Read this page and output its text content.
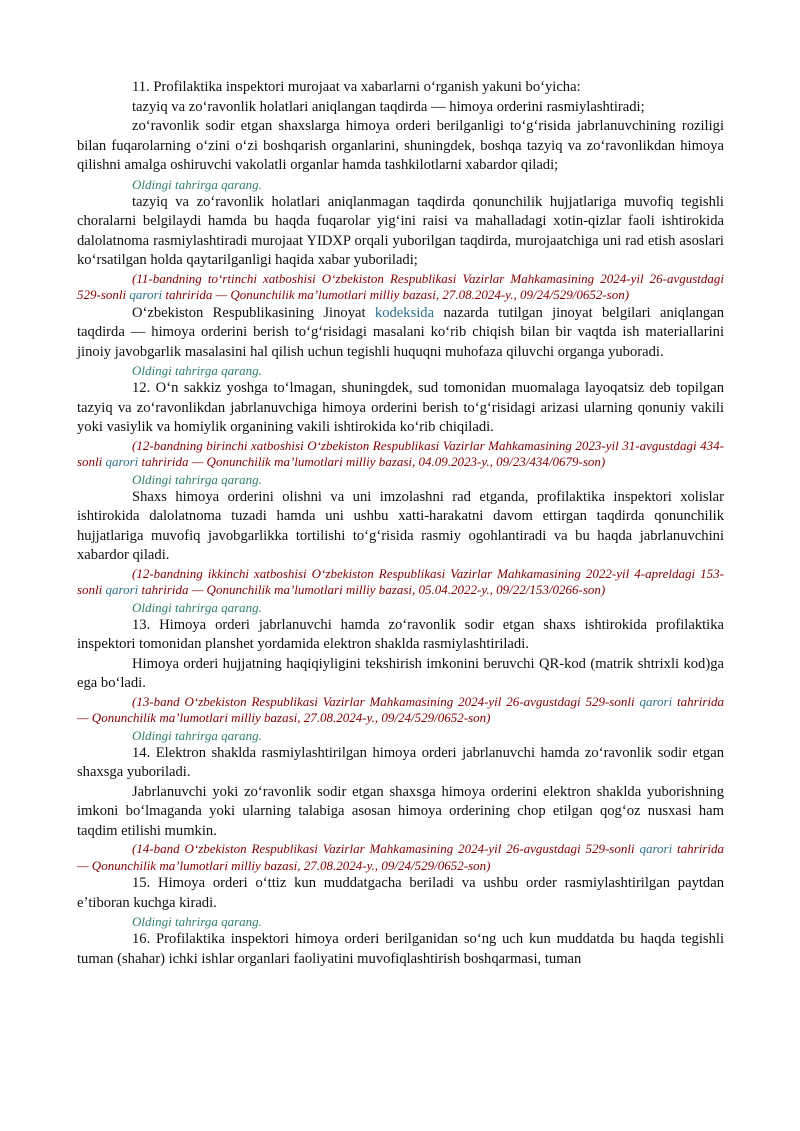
11. Profilaktika inspektori murojaat va xabarlarni oʻrganish yakuni boʻyicha:

tazyiq va zoʻravonlik holatlari aniqlangan taqdirda — himoya orderini rasmiylashtiradi;

zoʻravonlik sodir etgan shaxslarga himoya orderi berilganligi toʻgʻrisida jabrlanuvchining roziligi bilan fuqarolarning oʻzini oʻzi boshqarish organlarini, shuningdek, boshqa tazyiq va zoʻravonlikdan himoya qilishni amalga oshiruvchi vakolatli organlar hamda tashkilotlarni xabardor qiladi;

Oldingi tahrirga qarang.

tazyiq va zoʻravonlik holatlari aniqlanmagan taqdirda qonunchilik hujjatlariga muvofiq tegishli choralarni belgilaydi hamda bu haqda fuqarolar yigʻini raisi va mahalladagi xotin-qizlar faoli ishtirokida dalolatnoma rasmiylashtiradi murojaat YIDXP orqali yuborilgan taqdirda, murojaatchiga uni rad etish asoslari koʻrsatilgan holda qaytarilganligi haqida xabar yuboriladi;

(11-bandning toʻrtinchi xatboshisi Oʻzbekiston Respublikasi Vazirlar Mahkamasining 2024-yil 26-avgustdagi 529-sonli qarori tahririda — Qonunchilik maʼlumotlari milliy bazasi, 27.08.2024-y., 09/24/529/0652-son)

Oʻzbekiston Respublikasining Jinoyat kodeksida nazarda tutilgan jinoyat belgilari aniqlangan taqdirda — himoya orderini berish toʻgʻrisidagi masalani koʻrib chiqish bilan bir vaqtda ish materiallarini jinoiy javobgarlik masalasini hal qilish uchun tegishli huquqni muhofaza qiluvchi organga yuboradi.

Oldingi tahrirga qarang.

12. Oʻn sakkiz yoshga toʻlmagan, shuningdek, sud tomonidan muomalaga layoqatsiz deb topilgan tazyiq va zoʻravonlikdan jabrlanuvchiga himoya orderini berish toʻgʻrisidagi arizasi ularning qonuniy vakili yoki vasiylik va homiylik organining vakili ishtirokida koʻrib chiqiladi.

(12-bandning birinchi xatboshisi Oʻzbekiston Respublikasi Vazirlar Mahkamasining 2023-yil 31-avgustdagi 434-sonli qarori tahririda — Qonunchilik maʼlumotlari milliy bazasi, 04.09.2023-y., 09/23/434/0679-son)

Oldingi tahrirga qarang.

Shaxs himoya orderini olishni va uni imzolashni rad etganda, profilaktika inspektori xolislar ishtirokida dalolatnoma tuzadi hamda uni ushbu xatti-harakatni davom ettirgan taqdirda qonunchilik hujjatlariga muvofiq javobgarlikka tortilishi toʻgʻrisida rasmiy ogohlantiradi va bu haqda jabrlanuvchini xabardor qiladi.

(12-bandning ikkinchi xatboshisi Oʻzbekiston Respublikasi Vazirlar Mahkamasining 2022-yil 4-apreldagi 153-sonli qarori tahririda — Qonunchilik maʼlumotlari milliy bazasi, 05.04.2022-y., 09/22/153/0266-son)

Oldingi tahrirga qarang.

13. Himoya orderi jabrlanuvchi hamda zoʻravonlik sodir etgan shaxs ishtirokida profilaktika inspektori tomonidan planshet yordamida elektron shaklda rasmiylashtiriladi.

Himoya orderi hujjatning haqiqiyligini tekshirish imkonini beruvchi QR-kod (matrik shtrixli kod)ga ega boʻladi.

(13-band Oʻzbekiston Respublikasi Vazirlar Mahkamasining 2024-yil 26-avgustdagi 529-sonli qarori tahririda — Qonunchilik maʼlumotlari milliy bazasi, 27.08.2024-y., 09/24/529/0652-son)

Oldingi tahrirga qarang.

14. Elektron shaklda rasmiylashtirilgan himoya orderi jabrlanuvchi hamda zoʻravonlik sodir etgan shaxsga yuboriladi.

Jabrlanuvchi yoki zoʻravonlik sodir etgan shaxsga himoya orderini elektron shaklda yuborishning imkoni boʻlmaganda yoki ularning talabiga asosan himoya orderining chop etilgan qogʻoz nusxasi ham taqdim etilishi mumkin.

(14-band Oʻzbekiston Respublikasi Vazirlar Mahkamasining 2024-yil 26-avgustdagi 529-sonli qarori tahririda — Qonunchilik maʼlumotlari milliy bazasi, 27.08.2024-y., 09/24/529/0652-son)

15. Himoya orderi oʻttiz kun muddatgacha beriladi va ushbu order rasmiylashtirilgan paytdan eʼtiboran kuchga kiradi.

Oldingi tahrirga qarang.

16. Profilaktika inspektori himoya orderi berilganidan soʻng uch kun muddatda bu haqda tegishli tuman (shahar) ichki ishlar organlari faoliyatini muvofiqlashtirish boshqarmasi, tuman
